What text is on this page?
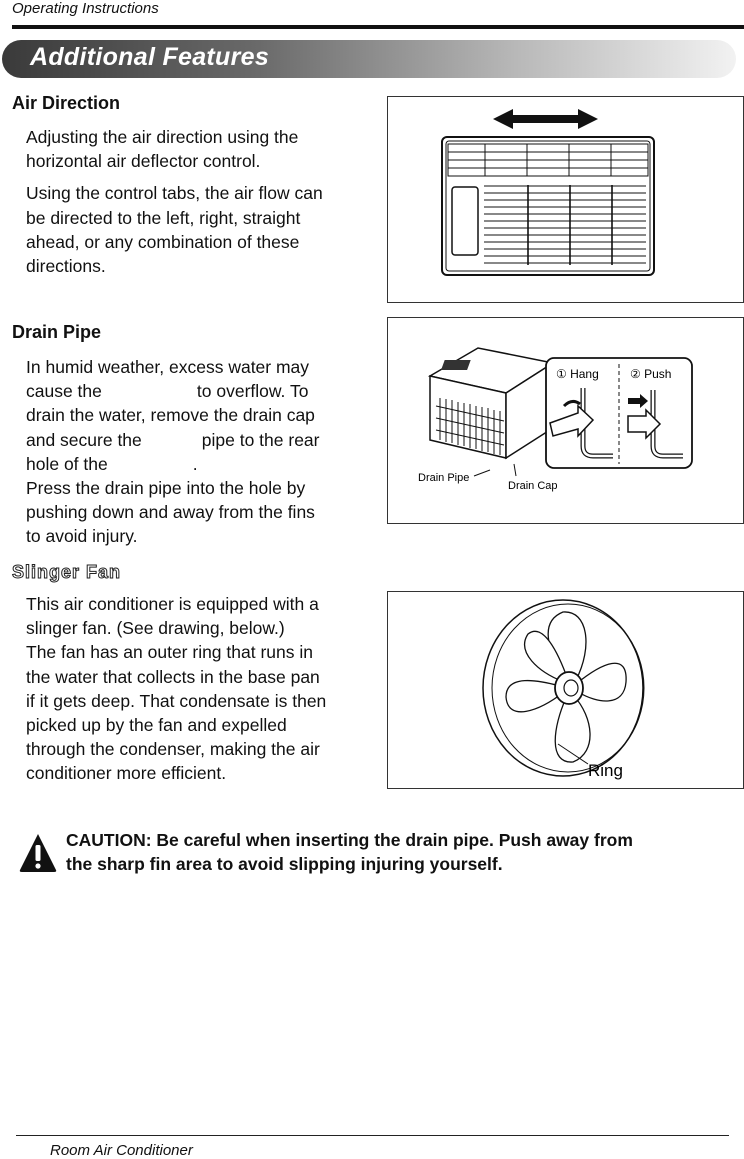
Operating Instructions
Additional Features
Air Direction

Adjusting the air direction using the

horizontal air deflector control.

Using the control tabs, the air flow can

be directed to the left, right, straight

ahead, or any combination of these

directions.

Drain Pipe

In humid weather, excess water may

cause the	to overflow. To

drain the water, remove the drain cap

and secure the	pipe to the rear

hole of the	.

Press the drain pipe into the hole by

pushing down and away from the fins

to avoid injury.

① Hang	② Push
Drain Pipe
Drain Cap
Slinger Fan

This air conditioner is equipped with a

slinger fan. (See drawing, below.)

The fan has an outer ring that runs in

the water that collects in the base pan

if it gets deep. That condensate is then

picked up by the fan and expelled

through the condenser, making the air

conditioner more efficient.	Ring
CAUTION: Be careful when inserting the drain pipe. Push away from
the sharp fin area to avoid slipping injuring yourself.
Room Air Conditioner
